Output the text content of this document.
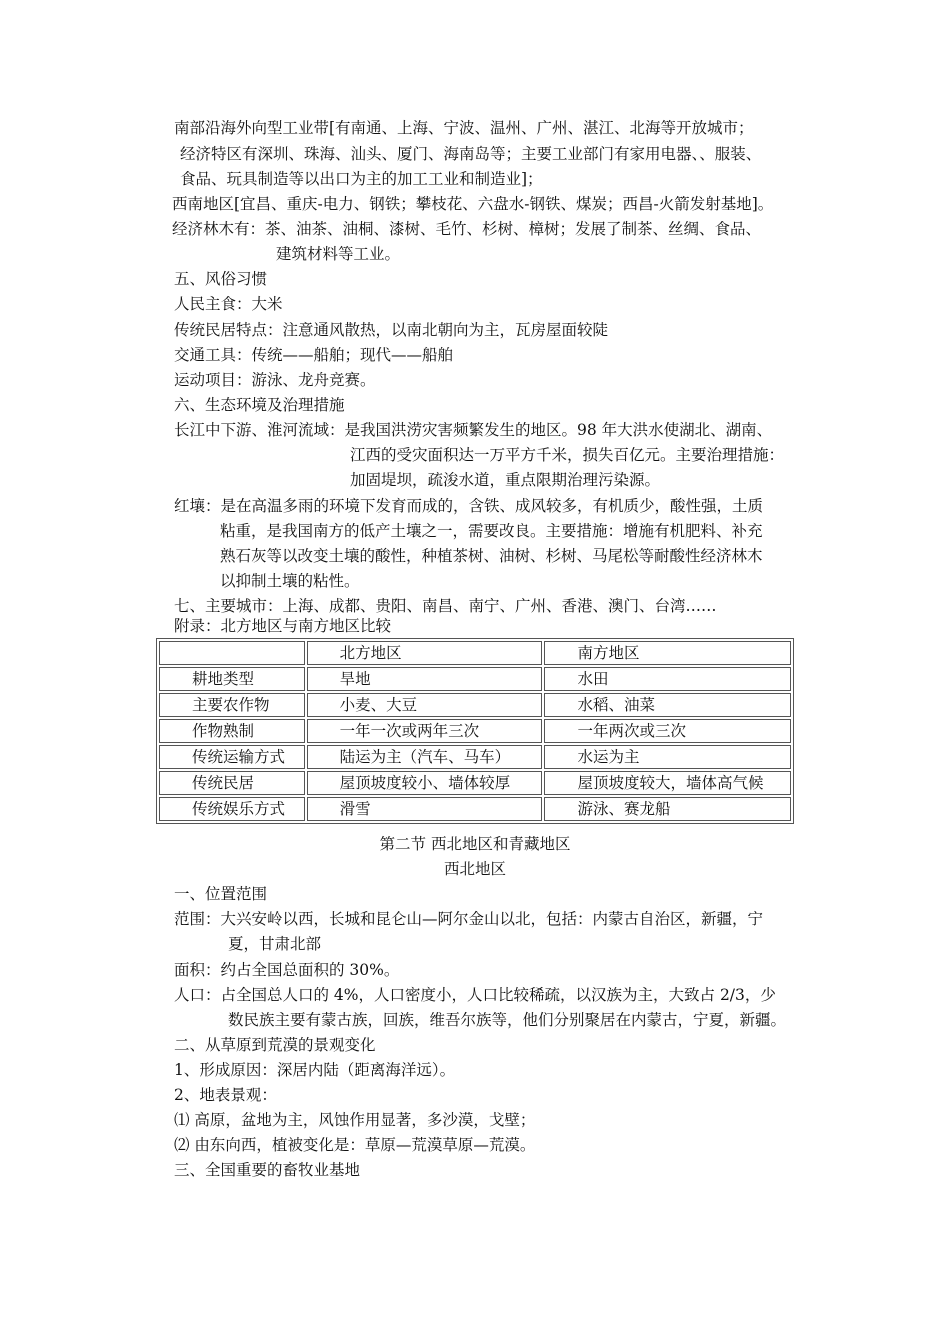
南部沿海外向型工业带[有南通、上海、宁波、温州、广州、湛江、北海等开放城市；
经济特区有深圳、珠海、汕头、厦门、海南岛等；主要工业部门有家用电器、、服装、
食品、玩具制造等以出口为主的加工工业和制造业]；
西南地区[宜昌、重庆-电力、钢铁；攀枝花、六盘水-钢铁、煤炭；西昌-火箭发射基地]。
经济林木有：茶、油茶、油桐、漆树、毛竹、杉树、樟树；发展了制茶、丝绸、食品、
建筑材料等工业。
五、风俗习惯
人民主食：大米
传统民居特点：注意通风散热，以南北朝向为主，瓦房屋面较陡
交通工具：传统——船舶；现代——船舶
运动项目：游泳、龙舟竞赛。
六、生态环境及治理措施
长江中下游、淮河流域：是我国洪涝灾害频繁发生的地区。98 年大洪水使湖北、湖南、
江西的受灾面积达一万平方千米，损失百亿元。主要治理措施：
加固堤坝，疏浚水道，重点限期治理污染源。
红壤：是在高温多雨的环境下发育而成的，含铁、成风较多，有机质少，酸性强，土质
粘重，是我国南方的低产土壤之一，需要改良。主要措施：增施有机肥料、补充
熟石灰等以改变土壤的酸性，种植茶树、油树、杉树、马尾松等耐酸性经济林木
以抑制土壤的粘性。
七、主要城市：上海、成都、贵阳、南昌、南宁、广州、香港、澳门、台湾……
附录：北方地区与南方地区比较
	北方地区	南方地区
耕地类型	旱地	水田
主要农作物	小麦、大豆	水稻、油菜
作物熟制	一年一次或两年三次	一年两次或三次
传统运输方式	陆运为主（汽车、马车）	水运为主
传统民居	屋顶坡度较小、墙体较厚	屋顶坡度较大，墙体高气候
传统娱乐方式	滑雪	游泳、赛龙船
第二节 西北地区和青藏地区
西北地区
一、位置范围
范围：大兴安岭以西，长城和昆仑山—阿尔金山以北，包括：内蒙古自治区，新疆，宁
夏，甘肃北部
面积：约占全国总面积的 30%。
人口：占全国总人口的 4%，人口密度小，人口比较稀疏，以汉族为主，大致占 2/3，少
数民族主要有蒙古族，回族，维吾尔族等，他们分别聚居在内蒙古，宁夏，新疆。
二、从草原到荒漠的景观变化
1、形成原因：深居内陆（距离海洋远）。
2、地表景观：
⑴ 高原，盆地为主，风蚀作用显著，多沙漠，戈壁；
⑵ 由东向西，植被变化是：草原—荒漠草原—荒漠。
三、全国重要的畜牧业基地
